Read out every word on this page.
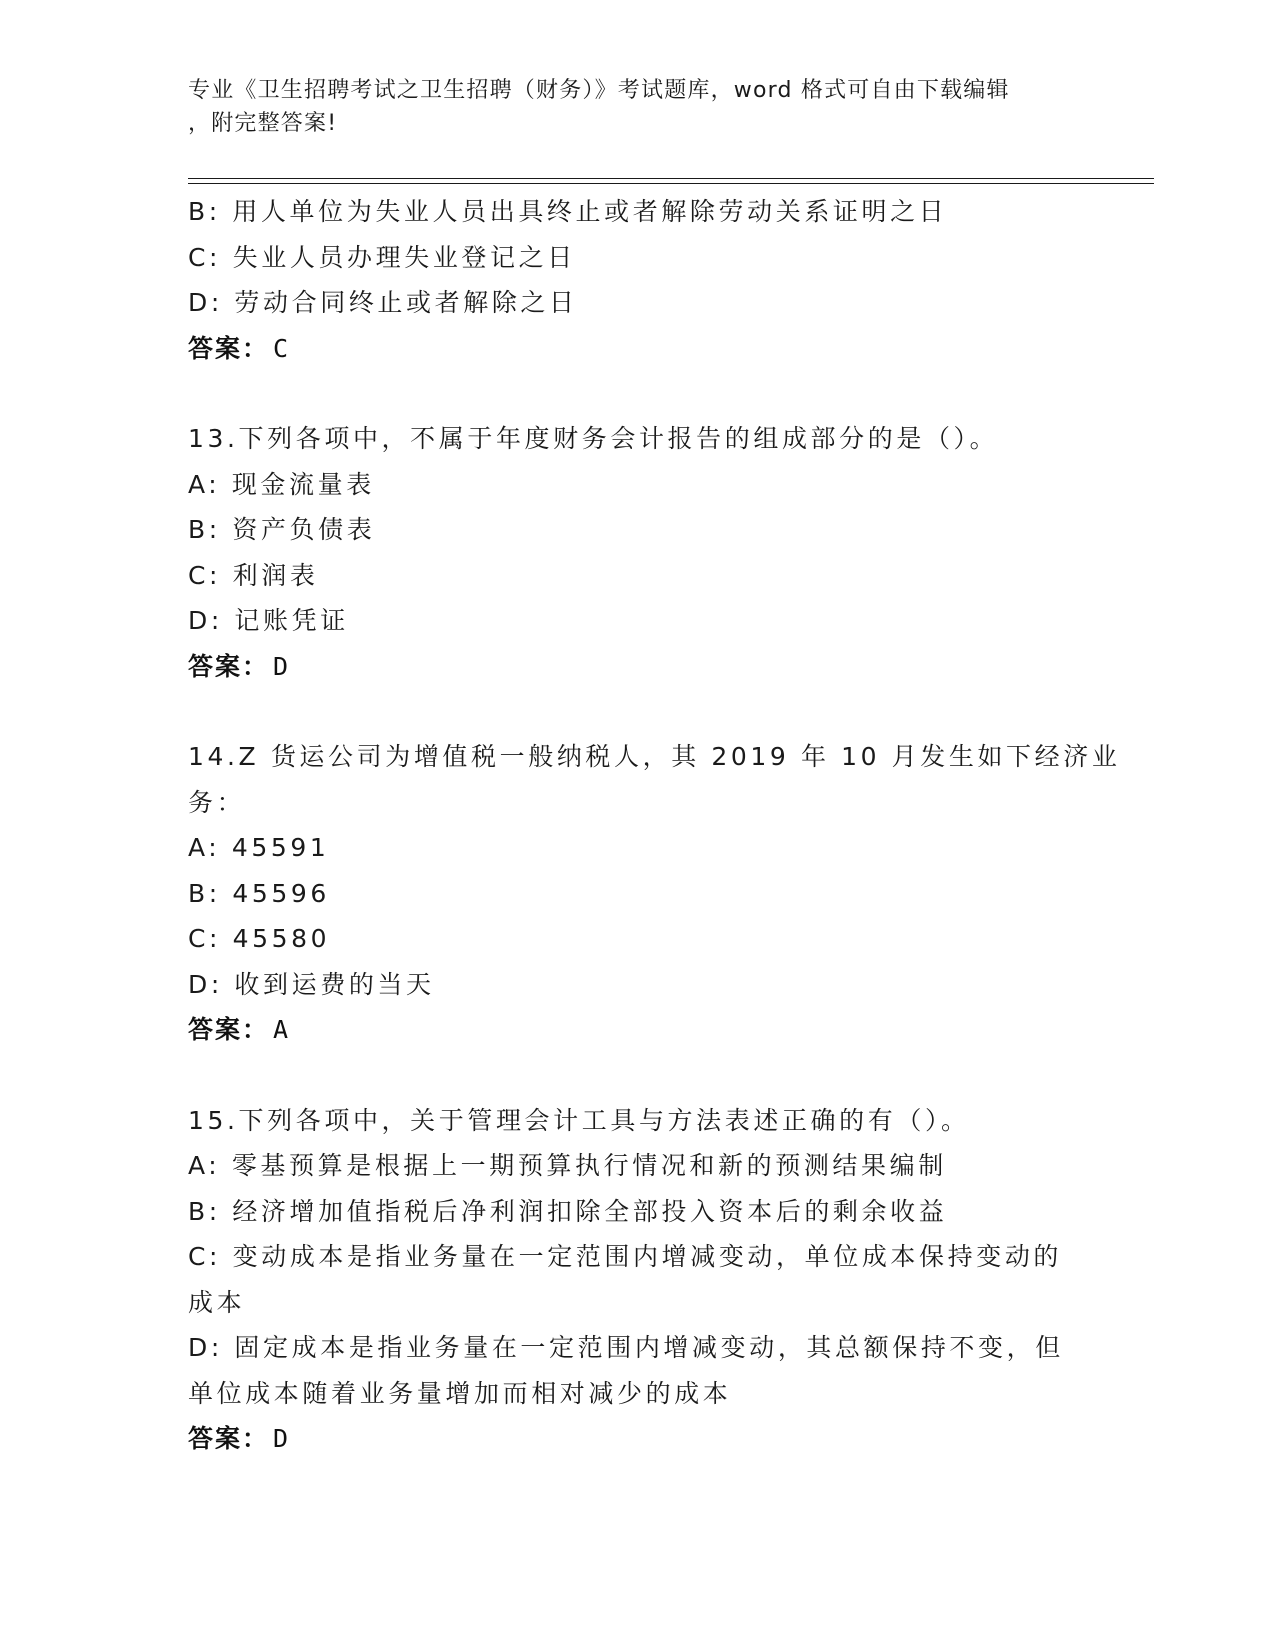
专业《卫生招聘考试之卫生招聘（财务）》考试题库，word 格式可自由下载编辑
，附完整答案!
B: 用人单位为失业人员出具终止或者解除劳动关系证明之日
C: 失业人员办理失业登记之日
D: 劳动合同终止或者解除之日
答案： C
13.下列各项中，不属于年度财务会计报告的组成部分的是（）。
A: 现金流量表
B: 资产负债表
C: 利润表
D: 记账凭证
答案： D
14.Z 货运公司为增值税一般纳税人，其 2019 年 10 月发生如下经济业
务：
A: 45591
B: 45596
C: 45580
D: 收到运费的当天
答案： A
15.下列各项中，关于管理会计工具与方法表述正确的有（）。
A: 零基预算是根据上一期预算执行情况和新的预测结果编制
B: 经济增加值指税后净利润扣除全部投入资本后的剩余收益
C: 变动成本是指业务量在一定范围内增减变动，单位成本保持变动的
成本
D: 固定成本是指业务量在一定范围内增减变动，其总额保持不变，但
单位成本随着业务量增加而相对减少的成本
答案： D
